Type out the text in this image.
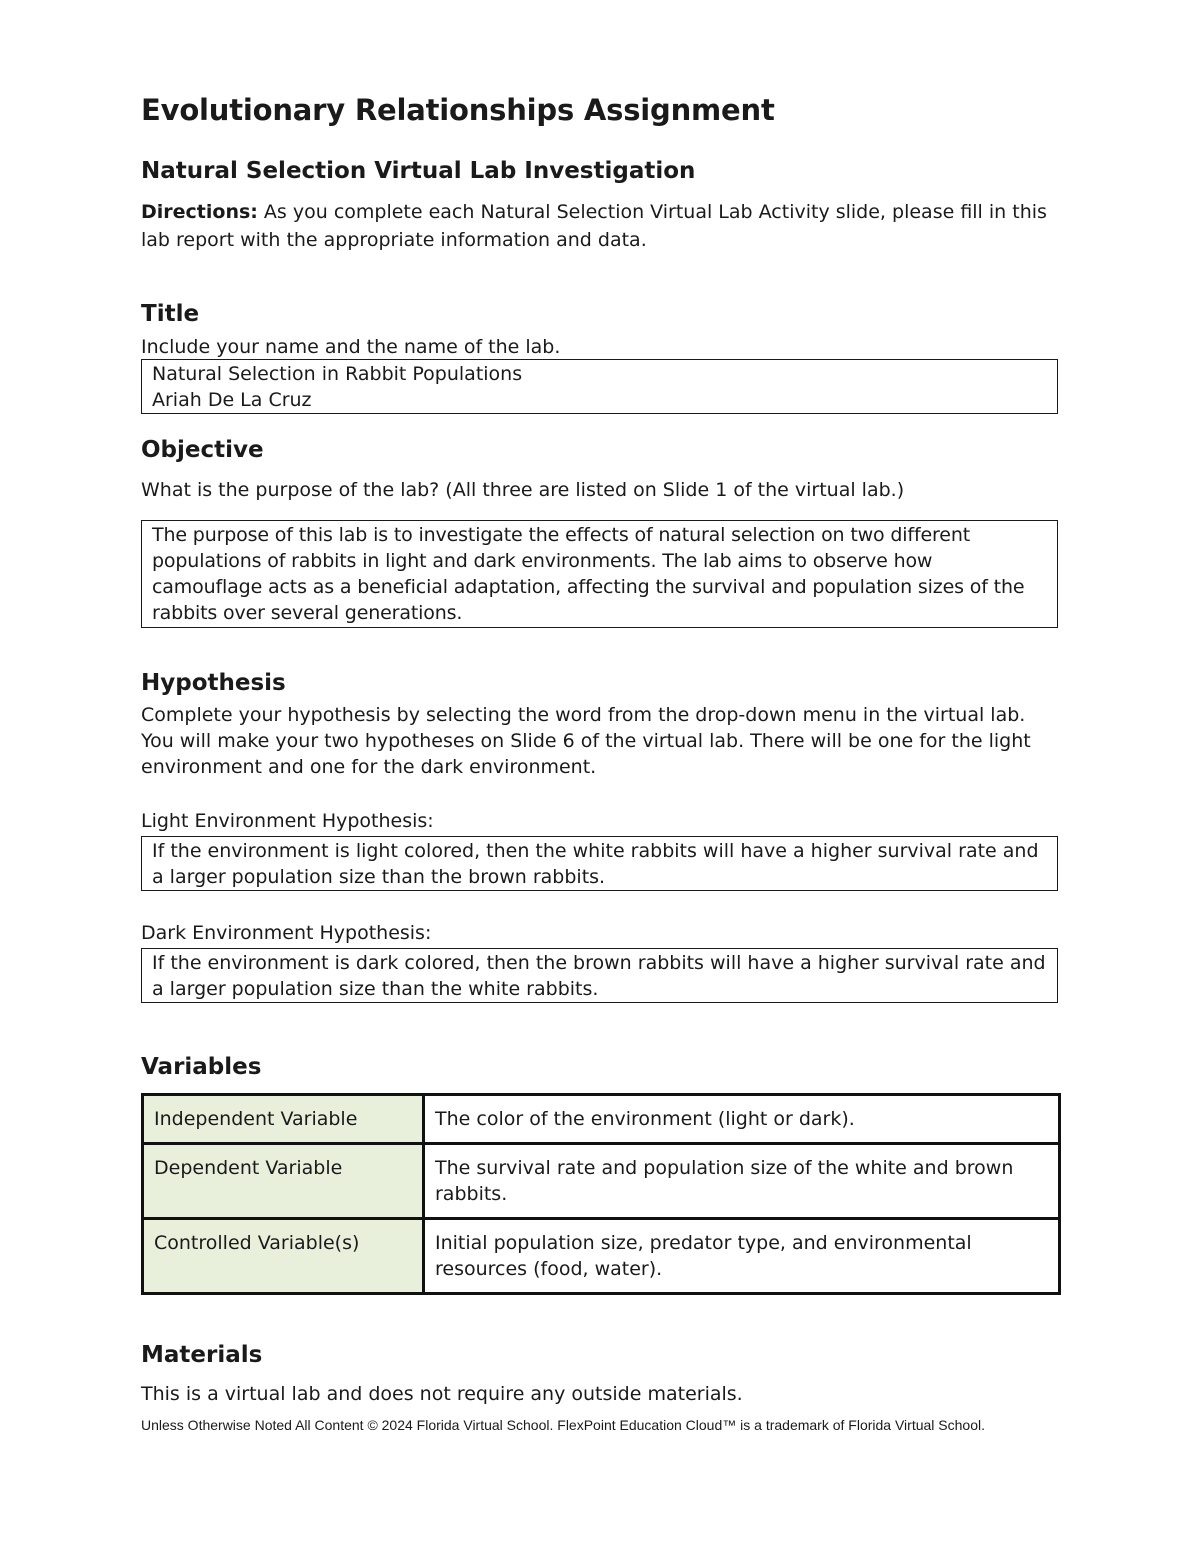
Evolutionary Relationships Assignment
Natural Selection Virtual Lab Investigation
Directions: As you complete each Natural Selection Virtual Lab Activity slide, please fill in this lab report with the appropriate information and data.
Title
Include your name and the name of the lab.
Natural Selection in Rabbit Populations
Ariah De La Cruz
Objective
What is the purpose of the lab? (All three are listed on Slide 1 of the virtual lab.)
The purpose of this lab is to investigate the effects of natural selection on two different populations of rabbits in light and dark environments. The lab aims to observe how camouflage acts as a beneficial adaptation, affecting the survival and population sizes of the rabbits over several generations.
Hypothesis
Complete your hypothesis by selecting the word from the drop-down menu in the virtual lab. You will make your two hypotheses on Slide 6 of the virtual lab. There will be one for the light environment and one for the dark environment.
Light Environment Hypothesis:
If the environment is light colored, then the white rabbits will have a higher survival rate and a larger population size than the brown rabbits.
Dark Environment Hypothesis:
If the environment is dark colored, then the brown rabbits will have a higher survival rate and a larger population size than the white rabbits.
Variables
Independent Variable	The color of the environment (light or dark).
Dependent Variable	The survival rate and population size of the white and brown rabbits.
Controlled Variable(s)	Initial population size, predator type, and environmental resources (food, water).
Materials
This is a virtual lab and does not require any outside materials.
Unless Otherwise Noted All Content © 2024 Florida Virtual School. FlexPoint Education Cloud™ is a trademark of Florida Virtual School.
